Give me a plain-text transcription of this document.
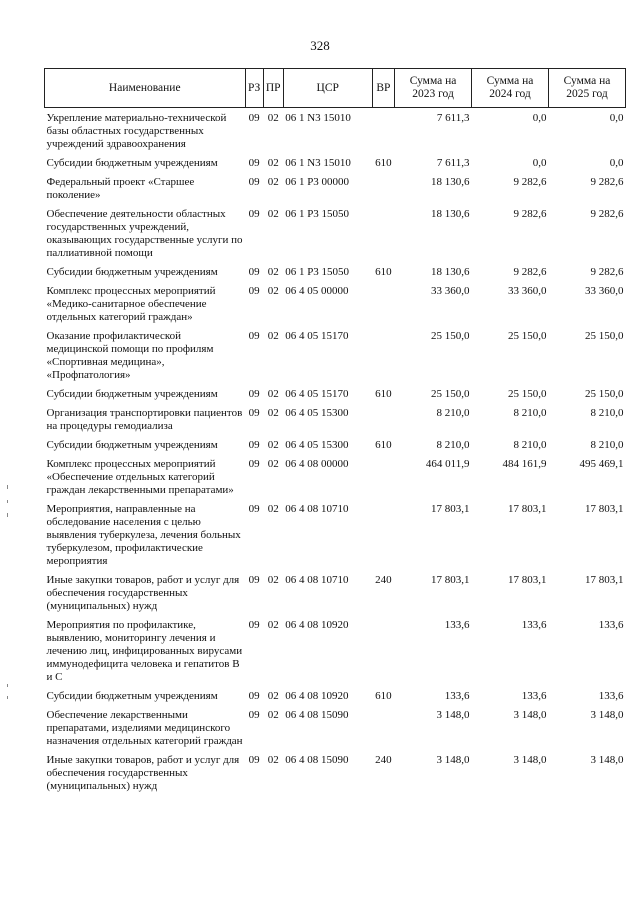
328
Наименование	РЗ	ПР	ЦСР	ВР	Сумма на 2023 год	Сумма на 2024 год	Сумма на 2025 год
Укрепление материально-технической базы областных государственных учреждений здравоохранения	09	02	06 1 N3 15010		7 611,3	0,0	0,0
Субсидии бюджетным учреждениям	09	02	06 1 N3 15010	610	7 611,3	0,0	0,0
Федеральный проект «Старшее поколение»	09	02	06 1 P3 00000		18 130,6	9 282,6	9 282,6
Обеспечение деятельности областных государственных учреждений, оказывающих государственные услуги по паллиативной помощи	09	02	06 1 P3 15050		18 130,6	9 282,6	9 282,6
Субсидии бюджетным учреждениям	09	02	06 1 P3 15050	610	18 130,6	9 282,6	9 282,6
Комплекс процессных мероприятий «Медико-санитарное обеспечение отдельных категорий граждан»	09	02	06 4 05 00000		33 360,0	33 360,0	33 360,0
Оказание профилактической медицинской помощи по профилям «Спортивная медицина», «Профпатология»	09	02	06 4 05 15170		25 150,0	25 150,0	25 150,0
Субсидии бюджетным учреждениям	09	02	06 4 05 15170	610	25 150,0	25 150,0	25 150,0
Организация транспортировки пациентов на процедуры гемодиализа	09	02	06 4 05 15300		8 210,0	8 210,0	8 210,0
Субсидии бюджетным учреждениям	09	02	06 4 05 15300	610	8 210,0	8 210,0	8 210,0
Комплекс процессных мероприятий «Обеспечение отдельных категорий граждан лекарственными препаратами»	09	02	06 4 08 00000		464 011,9	484 161,9	495 469,1
Мероприятия, направленные на обследование населения с целью выявления туберкулеза, лечения больных туберкулезом, профилактические мероприятия	09	02	06 4 08 10710		17 803,1	17 803,1	17 803,1
Иные закупки товаров, работ и услуг для обеспечения государственных (муниципальных) нужд	09	02	06 4 08 10710	240	17 803,1	17 803,1	17 803,1
Мероприятия по профилактике, выявлению, мониторингу лечения и лечению лиц, инфицированных вирусами иммунодефицита человека и гепатитов В и С	09	02	06 4 08 10920		133,6	133,6	133,6
Субсидии бюджетным учреждениям	09	02	06 4 08 10920	610	133,6	133,6	133,6
Обеспечение лекарственными препаратами, изделиями медицинского назначения отдельных категорий граждан	09	02	06 4 08 15090		3 148,0	3 148,0	3 148,0
Иные закупки товаров, работ и услуг для обеспечения государственных (муниципальных) нужд	09	02	06 4 08 15090	240	3 148,0	3 148,0	3 148,0
